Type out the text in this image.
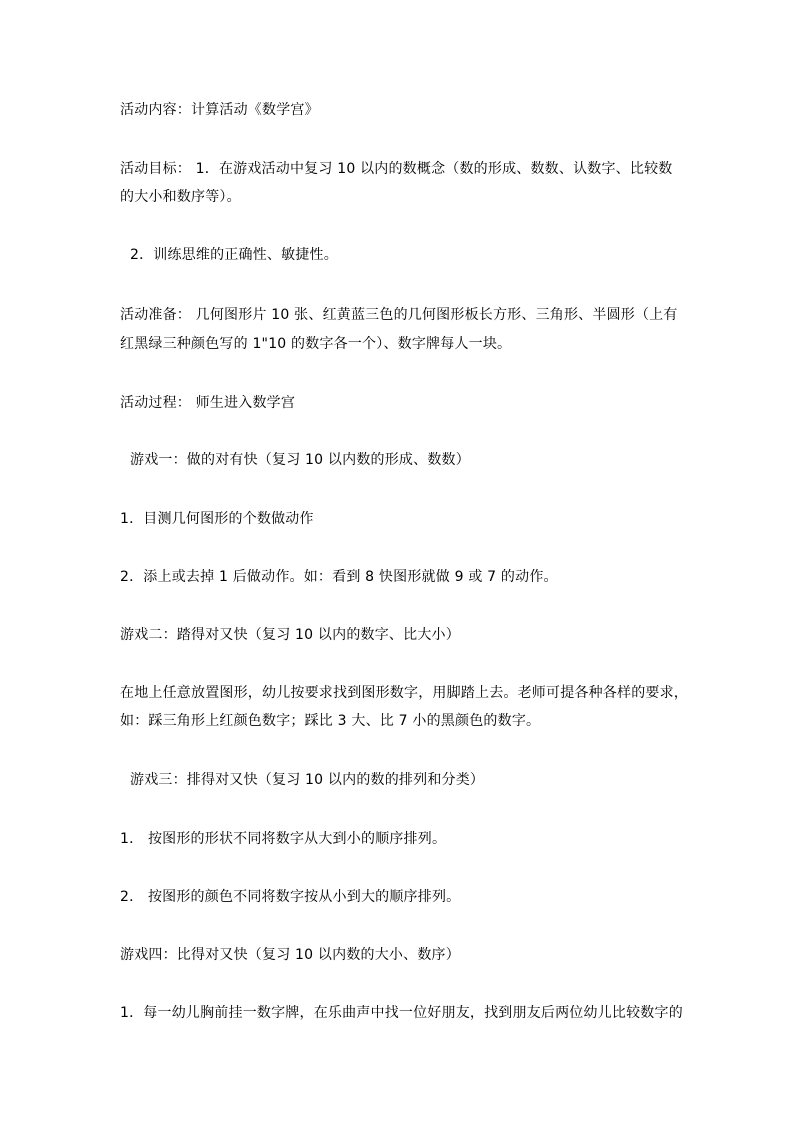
活动内容：计算活动《数学宫》
活动目标： 1．在游戏活动中复习 10 以内的数概念（数的形成、数数、认数字、比较数
的大小和数序等）。
2．训练思维的正确性、敏捷性。
活动准备： 几何图形片 10 张、红黄蓝三色的几何图形板长方形、三角形、半圆形（上有
红黑绿三种颜色写的 1"10 的数字各一个）、数字牌每人一块。
活动过程： 师生进入数学宫
游戏一：做的对有快（复习 10 以内数的形成、数数）
1．目测几何图形的个数做动作
2．添上或去掉 1 后做动作。如：看到 8 快图形就做 9 或 7 的动作。
游戏二：踏得对又快（复习 10 以内的数字、比大小）
在地上任意放置图形，幼儿按要求找到图形数字，用脚踏上去。老师可提各种各样的要求，
如：踩三角形上红颜色数字；踩比 3 大、比 7 小的黑颜色的数字。
游戏三：排得对又快（复习 10 以内的数的排列和分类）
1． 按图形的形状不同将数字从大到小的顺序排列。
2． 按图形的颜色不同将数字按从小到大的顺序排列。
游戏四：比得对又快（复习 10 以内数的大小、数序）
1．每一幼儿胸前挂一数字牌，在乐曲声中找一位好朋友，找到朋友后两位幼儿比较数字的
